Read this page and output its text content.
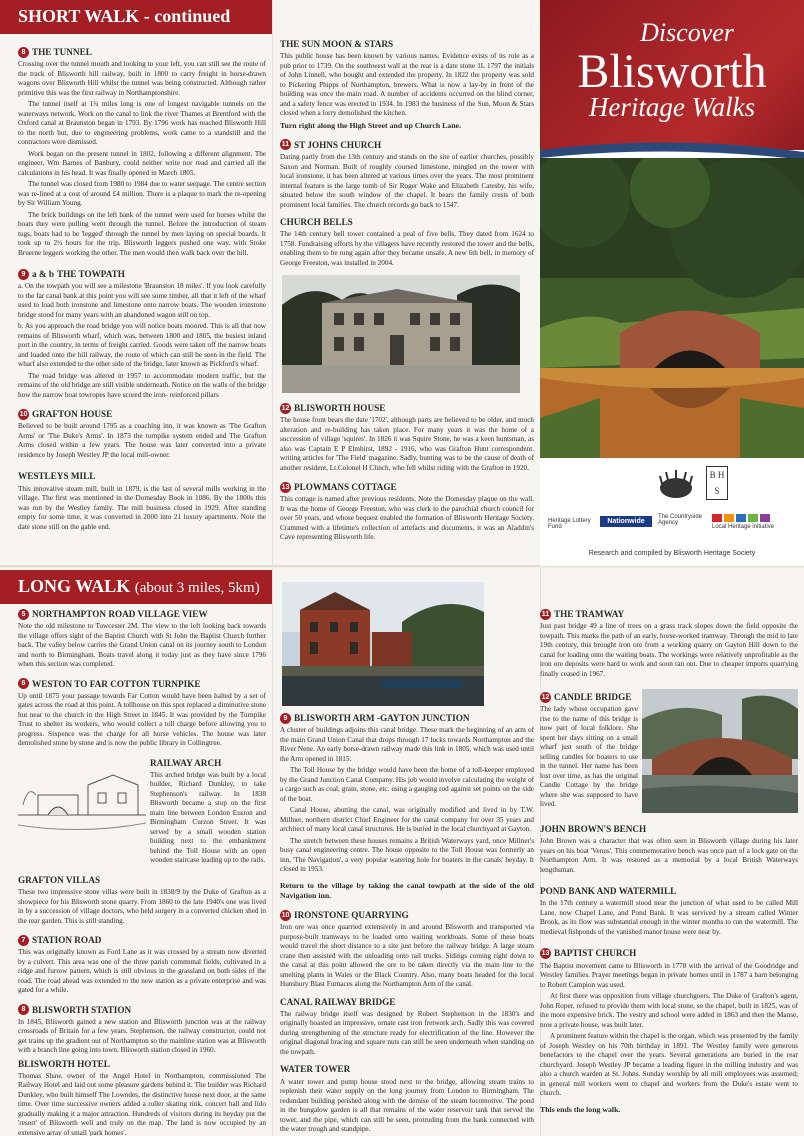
SHORT WALK - continued
8 THE TUNNEL

Crossing over the tunnel mouth and looking to your left, you can still see the route of the track of Blisworth hill railway, built in 1800 to carry freight in horse-drawn wagons over Blisworth Hill whilst the tunnel was being constructed. Although rather primitive this was the first railway in Northamptonshire.

The tunnel itself at 1¾ miles long is one of longest navigable tunnels on the waterways network. Work on the canal to link the river Thames at Brentford with the Oxford canal at Braunston began in 1793. By 1796 work has reached Blisworth Hill to the north but, due to engineering problems, work came to a standstill and the contractors were dismissed.

Work began on the present tunnel in 1802, following a different alignment. The engineer, Wm Barnes of Banbury, could neither write nor read and carried all the calculations in his head. It was finally opened in March 1805.

The tunnel was closed from 1980 to 1984 due to water seepage. The centre section was re-lined at a cost of around £4 million. There is a plaque to mark the re-opening by Sir William Young.

The brick buildings on the left bank of the tunnel were used for horses whilst the boats they were pulling went through the tunnel. Before the introduction of steam tugs, boats had to be 'legged' through the tunnel by men laying on special boards. It took up to 2½ hours for the trip. Blisworth leggers pushed one way, with Stoke Bruerne leggers working the other. The men would then walk back over the hill.

9 a & b THE TOWPATH

a. On the towpath you will see a milestone 'Braunston 18 miles'. If you look carefully to the far canal bank at this point you will see some timber, all that it left of the wharf used to load both ironstone and limestone onto narrow boats. The wooden ironstone bridge stood for many years with an abandoned wagon still on top.

b. As you approach the road bridge you will notice boats moored. This is all that now remains of Blisworth wharf, which was, between 1800 and 1805, the busiest inland port in the country, in terms of freight carried. Goods were taken off the narrow boats and loaded onto the hill railway, the route of which can still be seen in the field. The wharf also extended to the other side of the bridge, later known as Pickford's wharf.

The road bridge was altered in 1957 to accommodate modern traffic, but the remains of the old bridge are still visible underneath. Notice on the walls of the bridge how the narrow boat towropes have scored the iron- reinforced pillars

10 GRAFTON HOUSE

Believed to be built around 1795 as a coaching inn, it was known as 'The Grafton Arms' or 'The Duke's Arms'. In 1873 the turnpike system ended and The Grafton Arms closed within a few years. The house was later converted into a private residence by Joseph Westley JP the local mill-owner.

WESTLEYS MILL

This innovative steam mill, built in 1879, is the last of several mills working in the village. The first was mentioned in the Domesday Book in 1086. By the 1800s this was run by the Westley family. The mill business closed in 1929. After standing empty for some time, it was converted in 2000 into 21 luxury apartments. Note the date stone still on the gable end.

THE SUN MOON & STARS

This public house has been known by various names. Evidence exists of its role as a pub prior to 1739. On the southwest wall at the rear is a date stone 1L 1797 the initials of John Linnell, who bought and extended the property. In 1822 the property was sold to Pickering Phipps of Northampton, brewers. What is now a lay-by in front of the building was once the main road. A number of accidents occurred on the blind corner, and a safety fence was erected in 1934. In 1983 the business of the Sun, Moon & Stars closed when a lorry demolished the kitchen.

Turn right along the High Street and up Church Lane.

11 ST JOHNS CHURCH

Dating partly from the 13th century and stands on the site of earlier churches, possibly Saxon and Norman. Built of roughly coursed limestone, mingled on the tower with local ironstone, it has been altered at various times over the years. The most prominent internal feature is the large tomb of Sir Roger Wake and Elizabeth Catesby, his wife, situated below the south window of the chapel. It bears the family crests of both prominent local families. The church records go back to 1547.

CHURCH BELLS

The 14th century bell tower contained a peal of five bells. They dated from 1624 to 1758. Fundraising efforts by the villagers have recently restored the tower and the bells, enabling them to be rung again after they became unsafe. A new 6th bell, in memory of George Freeston, was installed in 2004.

12 BLISWORTH HOUSE

The house front bears the date '1702', although parts are believed to be older, and much alteration and re-building has taken place. For many years it was the home of a succession of village 'squires'. In 1826 it was Squire Stone, he was a keen huntsman, as also was Captain E P Elmhirst, 1892 - 1916, who was Grafton Hunt correspondent. writing articles for 'The Field' magazine. Sadly, hunting was to be the cause of death of another resident, Lt.Colonel H Clinch, who fell whilst riding with the Grafton in 1920.

13 PLOWMANS COTTAGE

This cottage is named after previous residents. Note the Domesday plaque on the wall. It was the home of George Freeston, who was clerk to the parochial church council for over 50 years, and whose bequest enabled the formation of Blisworth Heritage Society. Crammed with a lifetime's collection of artefacts and documents, it was an Aladdin's Cave representing Blisworth life.

Discover
Blisworth
Heritage Walks
B H S
Heritage Lottery Fund
Nationwide
The Countryside Agency
Local Heritage initiative
Research and compiled by Blisworth Heritage Society
LONG WALK (about 3 miles, 5km)
5 NORTHAMPTON ROAD VILLAGE VIEW

Note the old milestone to Towcester 2M. The view to the left looking back towards the village offers sight of the Baptist Church with St John the Baptist Church further back. The valley below carries the Grand Union canal on its journey south to London and north to Birmingham. Boats travel along it today just as they have since 1796 when this section was completed.

6 WESTON TO FAR COTTON TURNPIKE

Up until 1875 your passage towards Far Cotton would have been halted by a set of gates across the road at this point. A tollhouse on this spot replaced a diminutive stone hut near to the church in the High Street in 1845. It was provided by the Turnpike Trust to shelter its workers, who would collect a toll charge before allowing you to progress. Sixpence was the charge for all horse vehicles. The house was later demolished stone by stone and is now the public library in Collingtree.

RAILWAY ARCH

This arched bridge was built by a local builder, Richard Dunkley, to take Stephenson's railway. In 1838 Blisworth became a stop on the first main line between London Euston and Birmingham Curzon Street. It was served by a small wooden station building next to the embankment behind the Toll House with an open wooden staircase leading up to the rails.

GRAFTON VILLAS

These two impressive stone villas were built in 1838/9 by the Duke of Grafton as a showpiece for his Blisworth stone quarry. From 1860 to the late 1940's one was lived in by a succession of village doctors, who held surgery in a converted chicken shed in the rear garden. This is still standing.

7 STATION ROAD

This was originally known as Ford Lane as it was crossed by a stream now diverted by a culvert. This area was one of the three parish communal fields, cultivated in a ridge and furrow pattern, which is still obvious in the grassland on both sides of the road. The road ahead was extended to the new station as a private enterprise and was gated for a while.

8 BLISWORTH STATION

In 1845, Blisworth gained a new station and Blisworth junction was at the railway crossroads of Britain for a few years. Stephenson, the railway constructor, could not get trains up the gradient out of Northampton so the mainline station was at Blisworth with a branch line going into town. Blisworth station closed in 1960.

BLISWORTH HOTEL

Thomas Shaw, owner of the Angel Hotel in Northampton, commissioned The Railway Hotel and laid out some pleasure gardens behind it. The builder was Richard Dunkley, who built himself The Lowndes, the distinctive house next door, at the same time. Over time successive owners added a roller skating rink, concert hall and lido gradually making it a major attraction. Hundreds of visitors during its heyday put the 'resort' of Blisworth well and truly on the map. The land is now occupied by an extensive array of small 'park homes'.

9 BLISWORTH ARM -GAYTON JUNCTION

A cluster of buildings adjoins this canal bridge. These mark the beginning of an arm of the main Grand Union Canal that drops through 17 locks towards Northampton and the River Nene. An early horse-drawn railway made this link in 1805, which was used until the Arm opened in 1815.

The Toll House by the bridge would have been the home of a toll-keeper employed by the Grand Junction Canal Company. His job would involve calculating the weight of a cargo such as coal, grain, stone, etc. using a gauging rod against set points on the side of the boat.

Canal House, abutting the canal, was originally modified and lived in by T.W. Millner, northern district Chief Engineer for the canal company for over 35 years and architect of many local canal structures. He is buried in the local churchyard at Gayton.

The stretch between these houses remains a British Waterways yard, once Millner's busy canal engineering centre. The house opposite to the Toll House was formerly an inn, 'The Navigation', a very popular watering hole for boaters in the canals' heyday. It closed in 1953.

Return to the village by taking the canal towpath at the side of the old Navigation inn.

10 IRONSTONE QUARRYING

Iron ore was once quarried extensively in and around Blisworth and transported via purpose-built tramways to be loaded onto waiting workboats. Some of these boats would travel the short distance to a site just before the railway bridge. A large steam crane then assisted with the unloading onto rail trucks. Sidings coming right down to the canal at this point allowed the ore to be taken directly via the main line to the smelting plants in Wales or the Black Country. Also, many boats headed for the local Hunsbury Blast Furnaces along the Northampton Arm of the canal.

CANAL RAILWAY BRIDGE

The railway bridge itself was designed by Robert Stephenson in the 1830's and originally boasted an impressive, ornate cast iron fretwork arch. Sadly this was covered during strengthening of the structure ready for electrification of the line. However the original diagonal bracing and square nuts can still be seen underneath when standing on the towpath.

WATER TOWER

A water tower and pump house stood next to the bridge, allowing steam trains to replenish their water supply on the long journey from London to Birmingham. The redundant building perished along with the demise of the steam locomotive. The pond in the bungalow garden is all that remains of the water reservoir tank that served the tower, and the pipe, which can still be seen, protruding from the bank connected with the water trough and standpipe.

11 THE TRAMWAY

Just past bridge 49 a line of trees on a grass track slopes down the field opposite the towpath. This marks the path of an early, horse-worked tramway. Through the mid to late 19th century, this brought iron ore from a working quarry on Gayton Hill down to the canal for loading onto the waiting boats. The workings were relatively unprofitable as the iron ore deposits were hard to work and soon ran out. Due to cheaper imports quarrying finally ceased in 1967.

12 CANDLE BRIDGE

The lady whose occupation gave rise to the name of this bridge is now part of local folklore. She spent her days sitting on a small wharf just south of the bridge selling candles for boaters to use in the tunnel. Her name has been lost over time, as has the original Candle Cottage by the bridge where she was supposed to have lived.

JOHN BROWN'S BENCH

John Brown was a character that was often seen in Blisworth village during his later years on his boat 'Venus'. This commemorative bench was once part of a lock gate on the Northampton Arm. It was restored as a memorial by a local British Waterways lengthsman.

POND BANK AND WATERMILL

In the 17th century a watermill stood near the junction of what used to be called Mill Lane, now Chapel Lane, and Pond Bank. It was serviced by a stream called Winter Brook, as its flow was substantial enough in the winter months to run the watermill. The medieval fishponds of the vanished manor house were near by.

13 BAPTIST CHURCH

The Baptist movement came to Blisworth in 1778 with the arrival of the Goodridge and Westley families. Prayer meetings began in private homes until in 1787 a barn belonging to Robert Campion was used.

At first there was opposition from village churchgoers. The Duke of Grafton's agent, John Roper, refused to provide them with local stone, so the chapel, built in 1825, was of the more expensive brick. The vestry and school were added in 1863 and then the Manse, now a private house, was built later.

A prominent feature within the chapel is the organ, which was presented by the family of Joseph Westley on his 70th birthday in 1891. The Westley family were generous benefactors to the chapel over the years. Several generations are buried in the rear churchyard. Joseph Westley JP became a leading figure in the milling industry and was also a church warden at St. Johns. Sunday worship by all mill employees was assumed; in general mill workers went to chapel and workers from the Duke's estate went to church.

This ends the long walk.
